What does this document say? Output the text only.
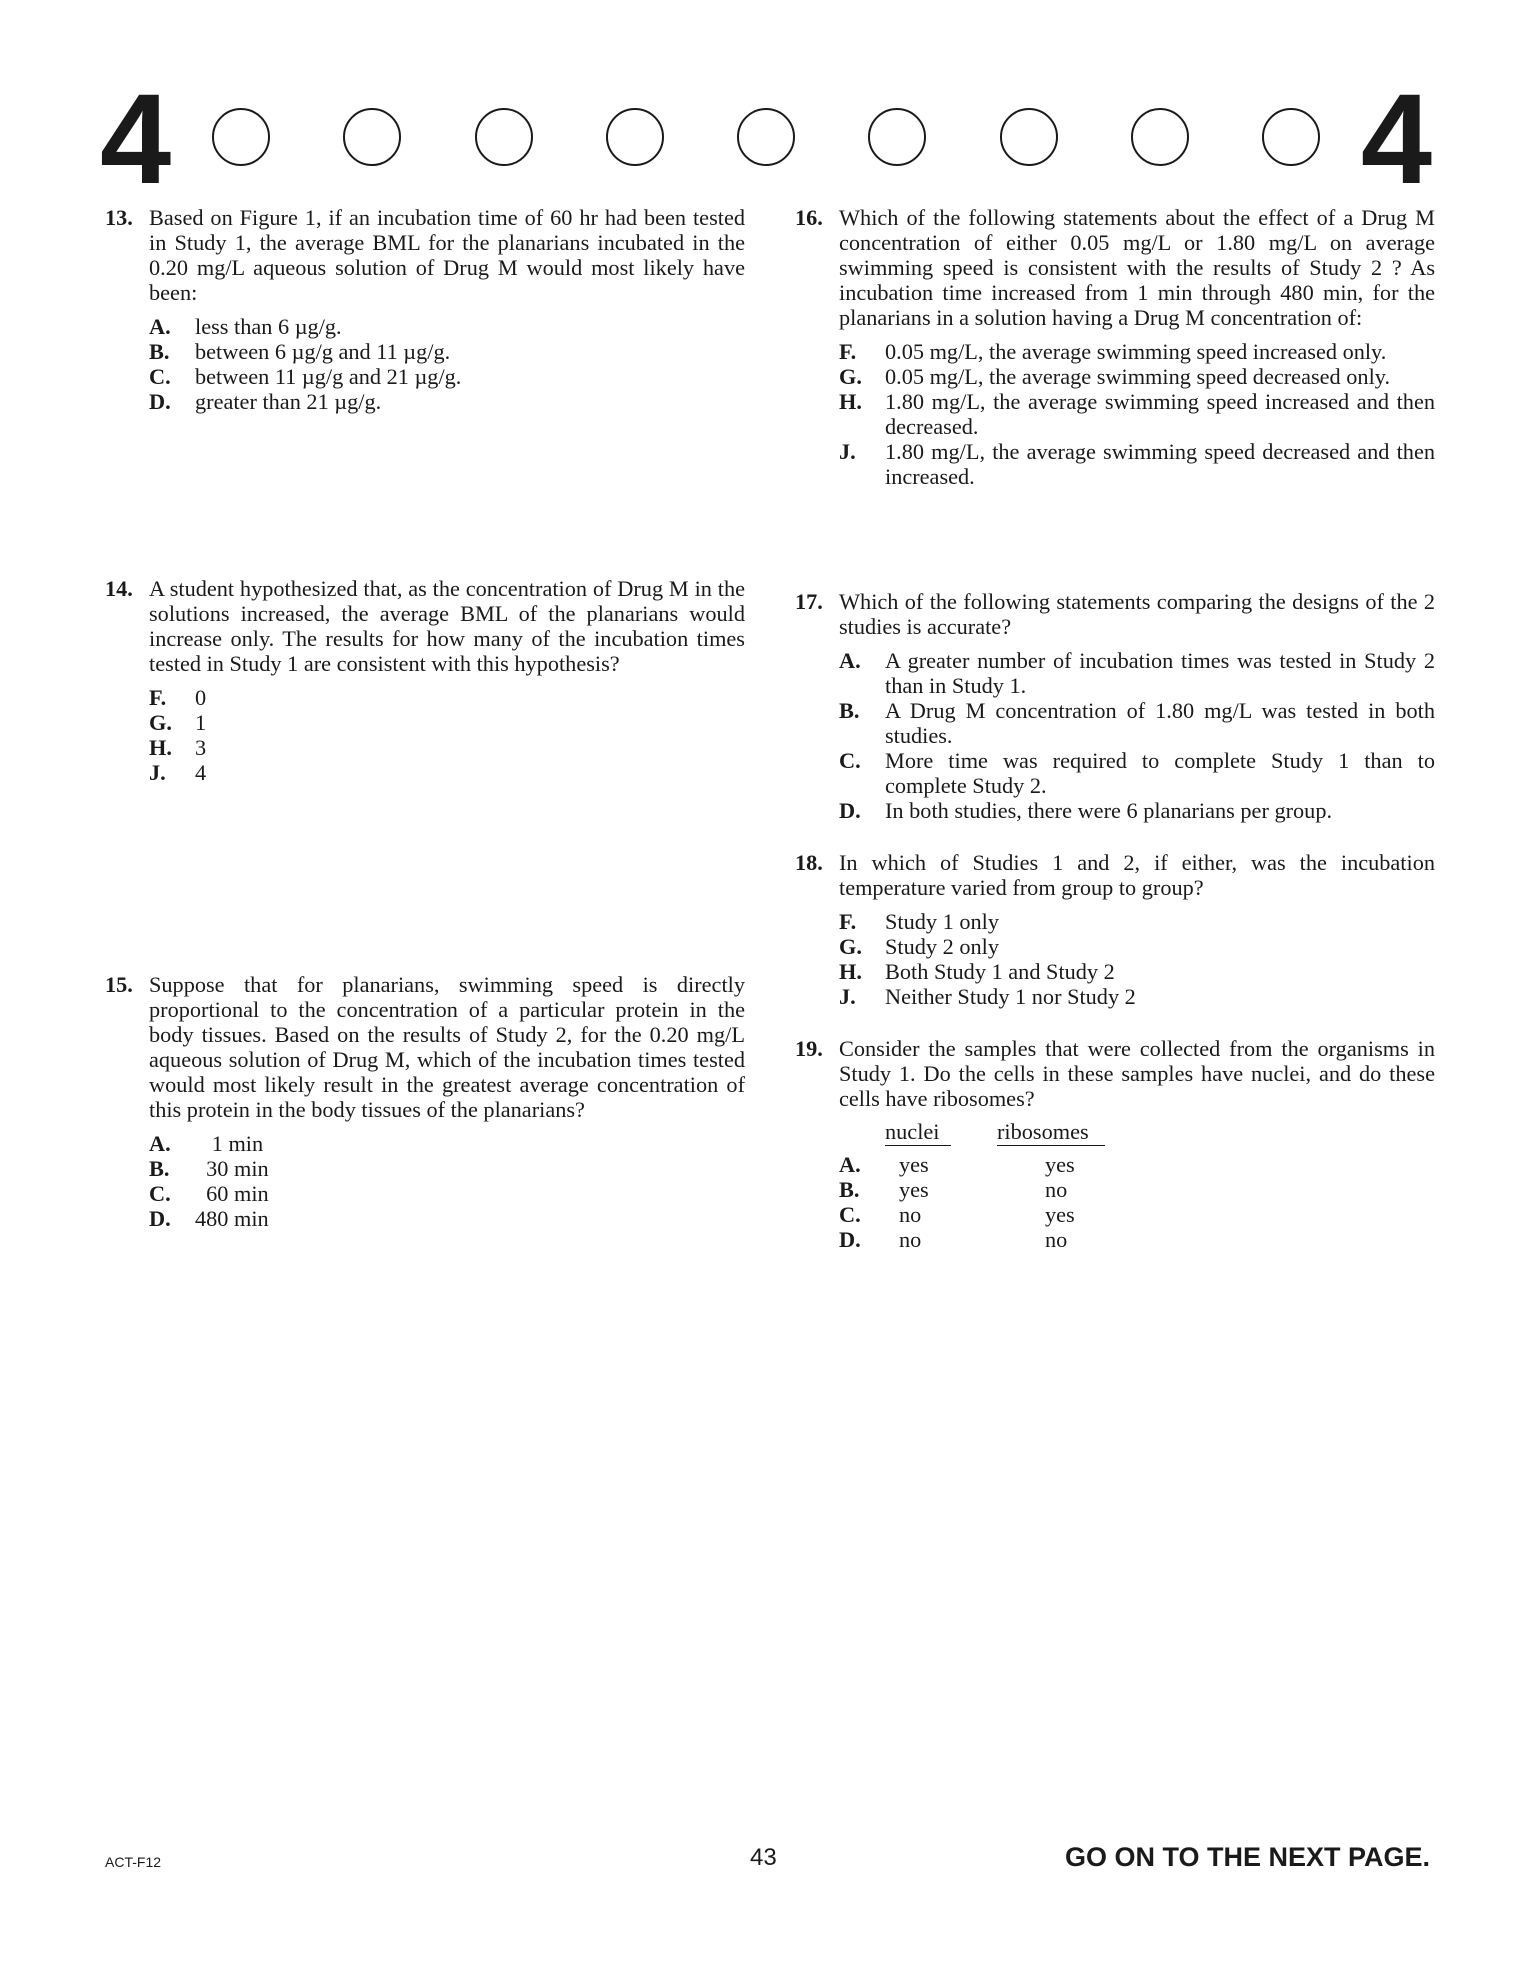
4	4
13. Based on Figure 1, if an incubation time of 60 hr had been tested in Study 1, the average BML for the planarians incubated in the 0.20 mg/L aqueous solution of Drug M would most likely have been:
A.	less than 6 µg/g.
B.	between 6 µg/g and 11 µg/g.
C.	between 11 µg/g and 21 µg/g.
D.	greater than 21 µg/g.
14. A student hypothesized that, as the concentration of Drug M in the solutions increased, the average BML of the planarians would increase only. The results for how many of the incubation times tested in Study 1 are consistent with this hypothesis?
F.	0
G.	1
H.	3
J.	4
15. Suppose that for planarians, swimming speed is directly proportional to the concentration of a particular protein in the body tissues. Based on the results of Study 2, for the 0.20 mg/L aqueous solution of Drug M, which of the incubation times tested would most likely result in the greatest average concentration of this protein in the body tissues of the planarians?
A.	1 min
B.	30 min
C.	60 min
D.	480 min
16. Which of the following statements about the effect of a Drug M concentration of either 0.05 mg/L or 1.80 mg/L on average swimming speed is consistent with the results of Study 2 ? As incubation time increased from 1 min through 480 min, for the planarians in a solution having a Drug M concentration of:
F.	0.05 mg/L, the average swimming speed increased only.
G.	0.05 mg/L, the average swimming speed decreased only.
H.	1.80 mg/L, the average swimming speed increased and then decreased.
J.	1.80 mg/L, the average swimming speed decreased and then increased.
17. Which of the following statements comparing the designs of the 2 studies is accurate?
A.	A greater number of incubation times was tested in Study 2 than in Study 1.
B.	A Drug M concentration of 1.80 mg/L was tested in both studies.
C.	More time was required to complete Study 1 than to complete Study 2.
D.	In both studies, there were 6 planarians per group.
18. In which of Studies 1 and 2, if either, was the incubation temperature varied from group to group?
F.	Study 1 only
G.	Study 2 only
H.	Both Study 1 and Study 2
J.	Neither Study 1 nor Study 2
19. Consider the samples that were collected from the organisms in Study 1. Do the cells in these samples have nuclei, and do these cells have ribosomes?
nuclei	ribosomes
A.	yes	yes
B.	yes	no
C.	no	yes
D.	no	no
ACT-F12	43	GO ON TO THE NEXT PAGE.
